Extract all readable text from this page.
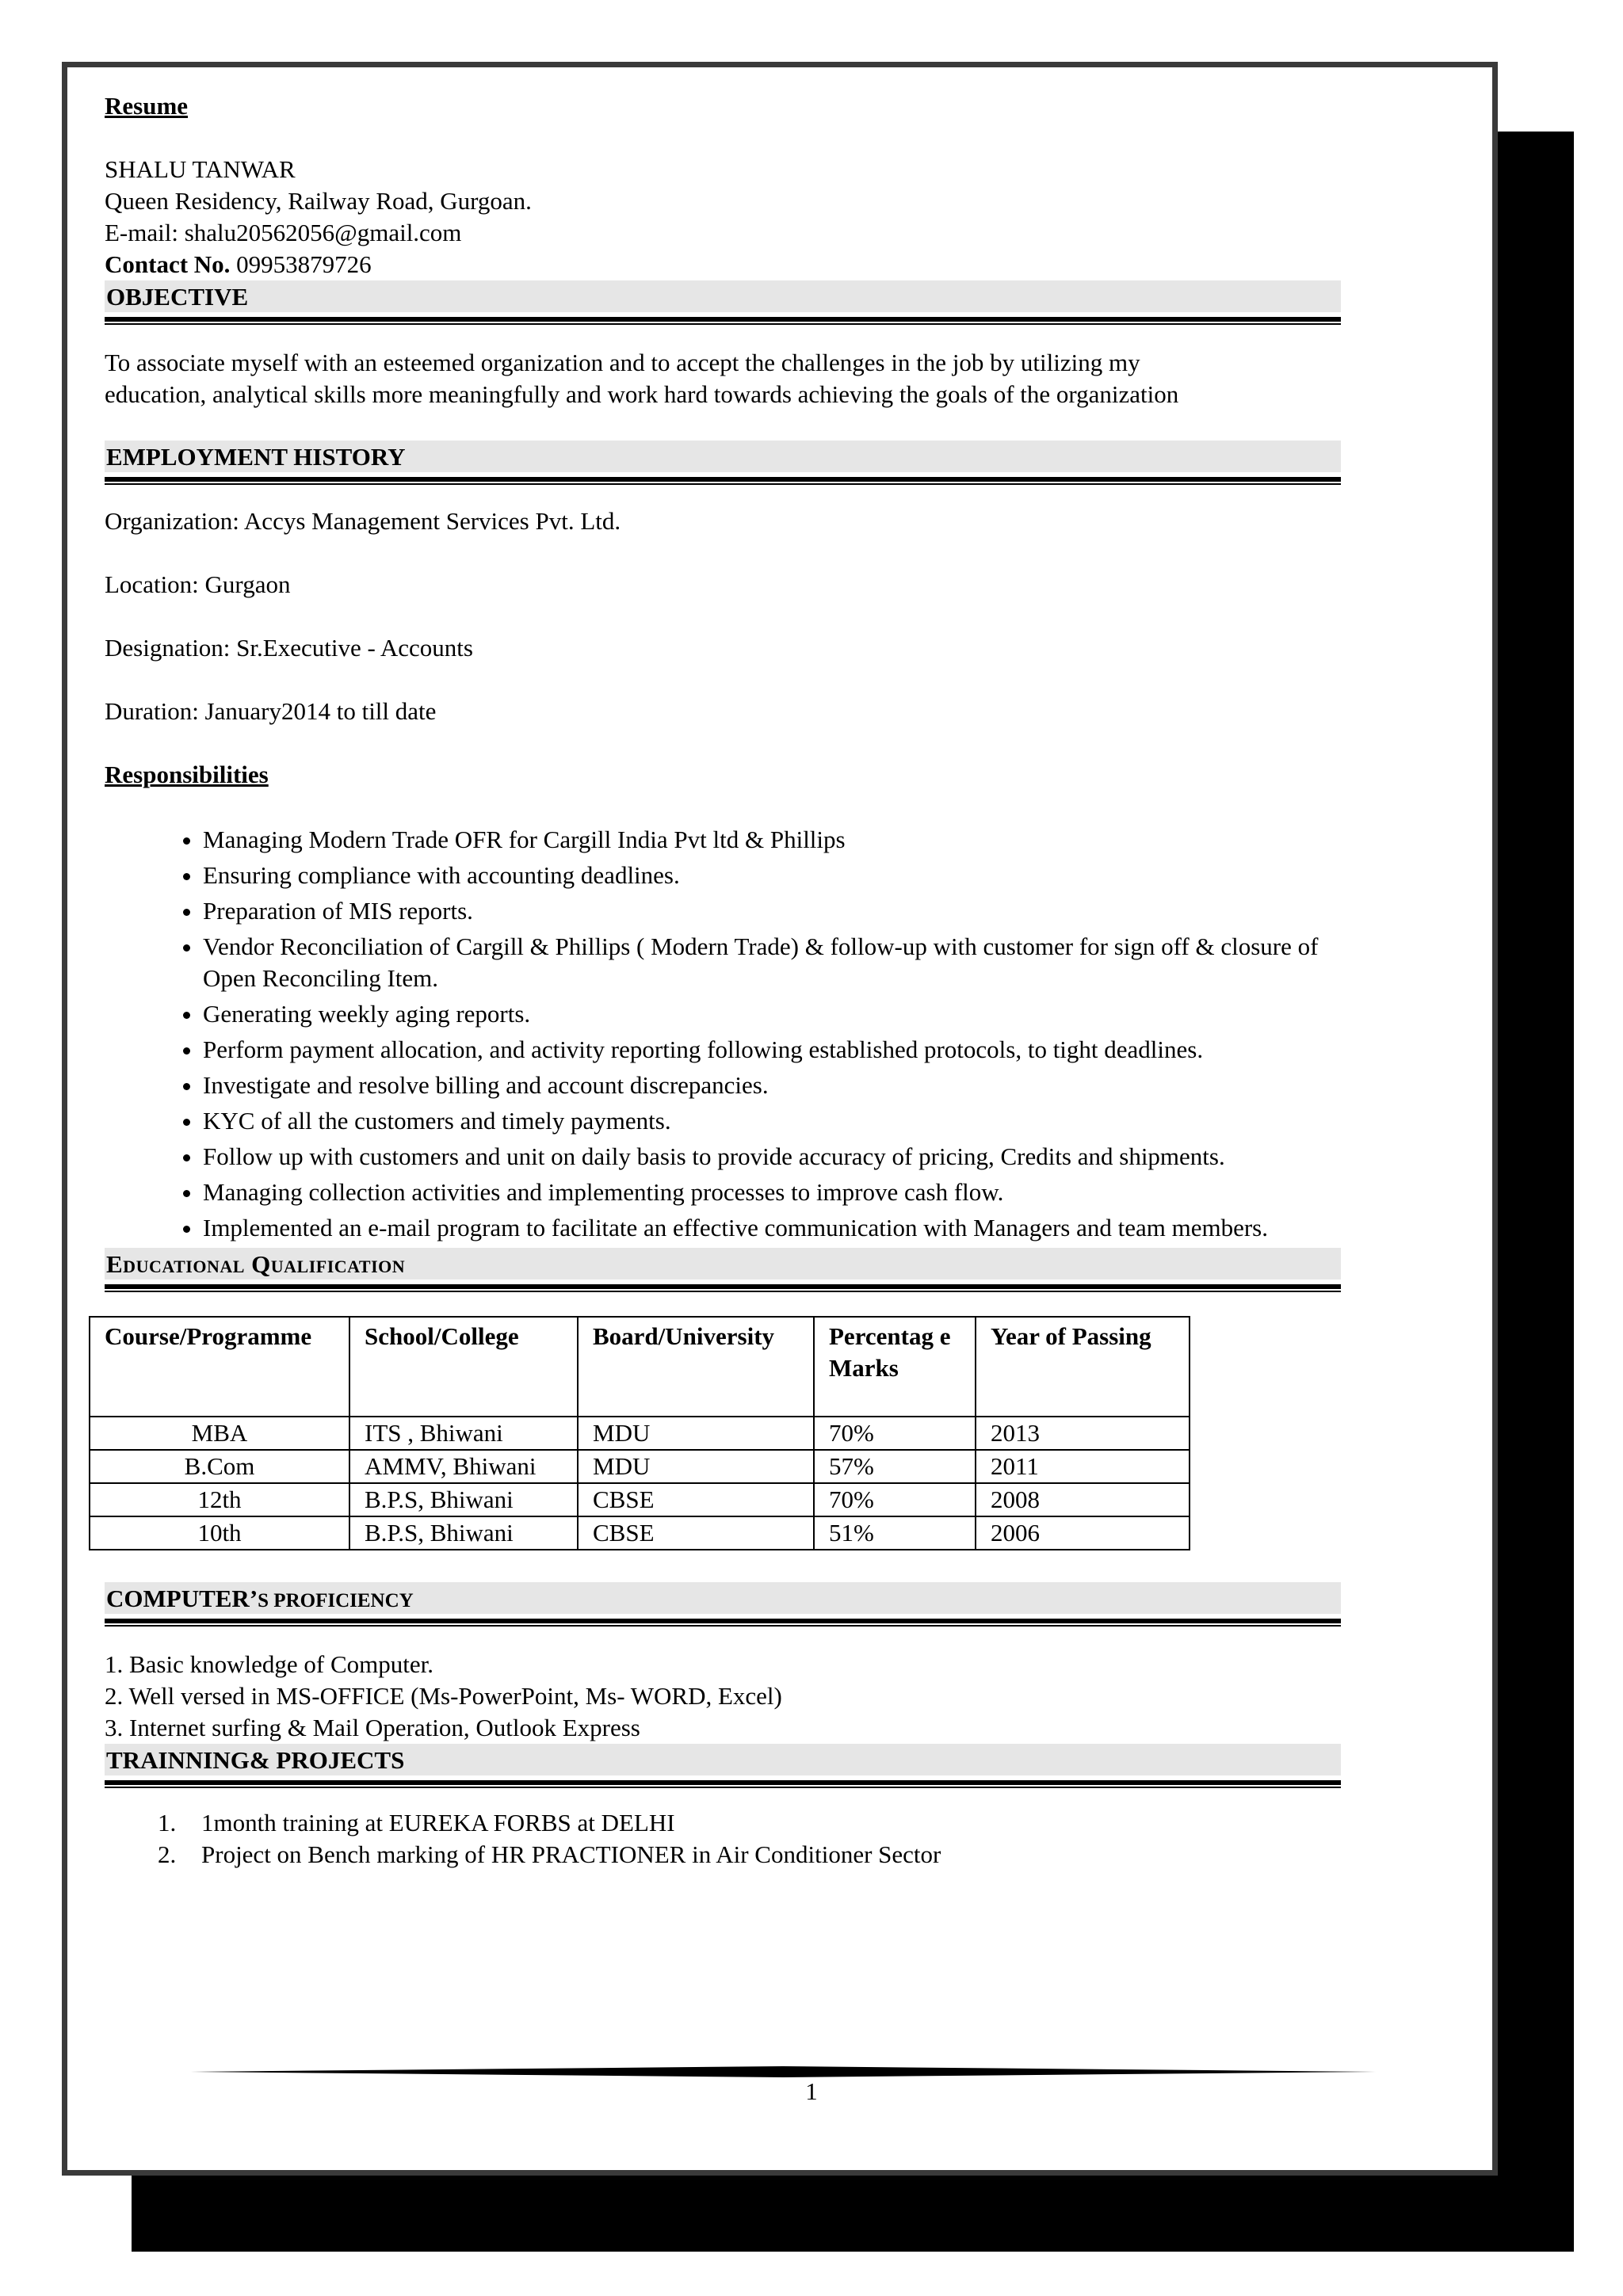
Resume
SHALU TANWAR
Queen Residency, Railway Road, Gurgoan.
E-mail: shalu20562056@gmail.com
Contact No. 09953879726
OBJECTIVE
To associate myself with an esteemed organization and to accept the challenges in the job by utilizing my
education, analytical skills more meaningfully and work hard towards achieving the goals of the organization
EMPLOYMENT HISTORY
Organization: Accys Management Services Pvt. Ltd.
Location: Gurgaon
Designation: Sr.Executive - Accounts
Duration: January2014 to till date
Responsibilities
• Managing Modern Trade OFR for Cargill India Pvt ltd & Phillips
• Ensuring compliance with accounting deadlines.
• Preparation of MIS reports.
• Vendor Reconciliation of Cargill & Phillips ( Modern Trade) & follow-up with customer for sign off & closure of Open Reconciling Item.
• Generating weekly aging reports.
• Perform payment allocation, and activity reporting following established protocols, to tight deadlines.
• Investigate and resolve billing and account discrepancies.
• KYC of all the customers and timely payments.
• Follow up with customers and unit on daily basis to provide accuracy of pricing, Credits and shipments.
• Managing collection activities and implementing processes to improve cash flow.
• Implemented an e-mail program to facilitate an effective communication with Managers and team members.
Educational Qualification
Course/Programme	School/College	Board/University	Percentag e Marks	Year of Passing
MBA	ITS , Bhiwani	MDU	70%	2013
B.Com	AMMV, Bhiwani	MDU	57%	2011
12th	B.P.S, Bhiwani	CBSE	70%	2008
10th	B.P.S, Bhiwani	CBSE	51%	2006
COMPUTER’S PROFICIENCY
1. Basic knowledge of Computer.
2. Well versed in MS-OFFICE (Ms-PowerPoint, Ms- WORD, Excel)
3. Internet surfing & Mail Operation, Outlook Express
TRAINNING& PROJECTS
1. 1month training at EUREKA FORBS at DELHI
2. Project on Bench marking of HR PRACTIONER in Air Conditioner Sector
1
